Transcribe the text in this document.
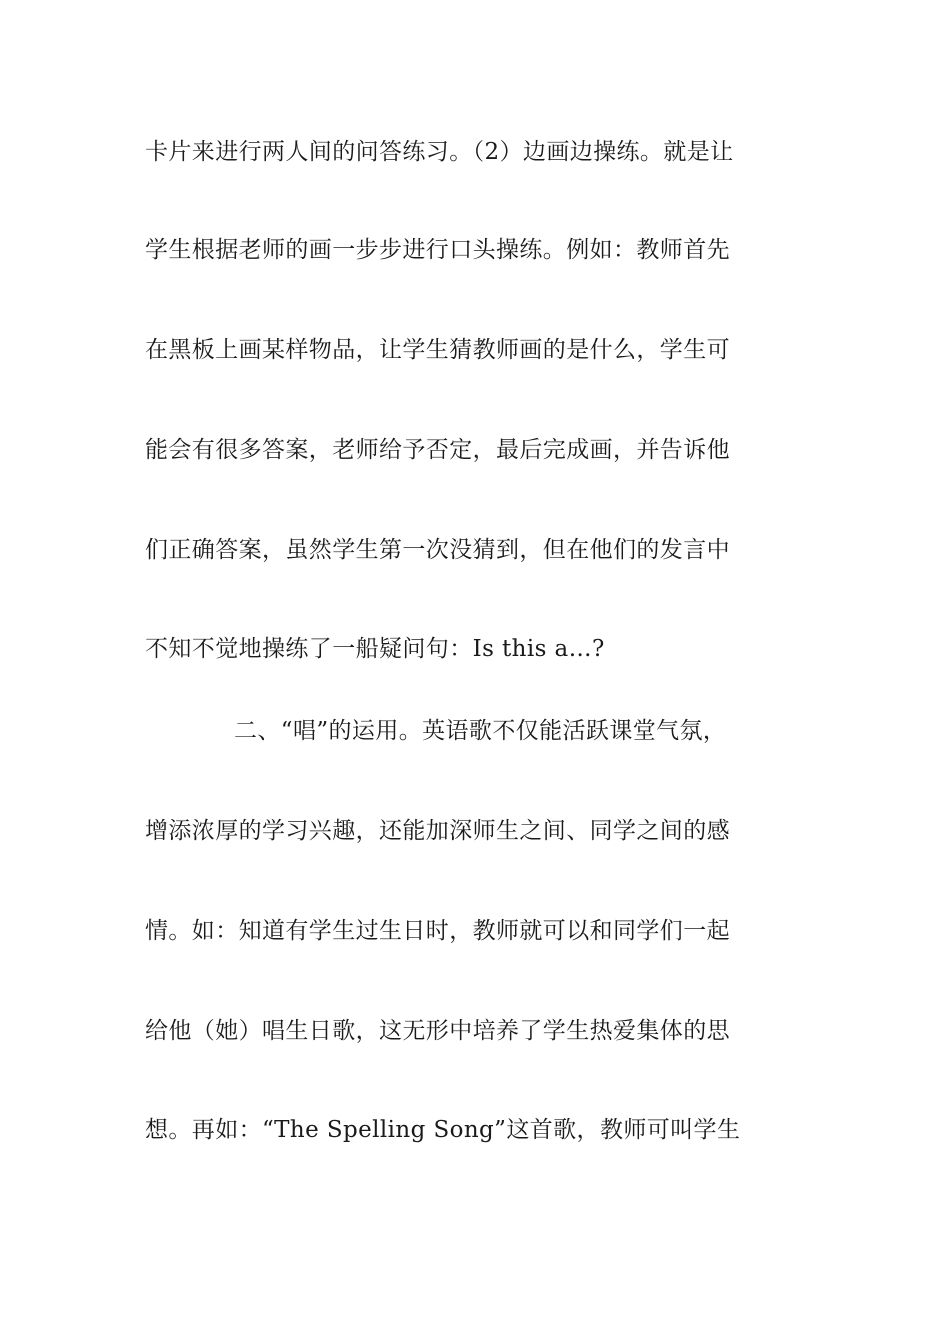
卡片来进行两人间的问答练习。（2）边画边操练。就是让
学生根据老师的画一步步进行口头操练。例如：教师首先
在黑板上画某样物品，让学生猜教师画的是什么，学生可
能会有很多答案，老师给予否定，最后完成画，并告诉他
们正确答案，虽然学生第一次没猜到，但在他们的发言中
不知不觉地操练了一船疑问句：Is this a…?
二、“唱”的运用。英语歌不仅能活跃课堂气氛，
增添浓厚的学习兴趣，还能加深师生之间、同学之间的感
情。如：知道有学生过生日时，教师就可以和同学们一起
给他（她）唱生日歌，这无形中培养了学生热爱集体的思
想。再如：“The Spelling Song”这首歌，教师可叫学生
